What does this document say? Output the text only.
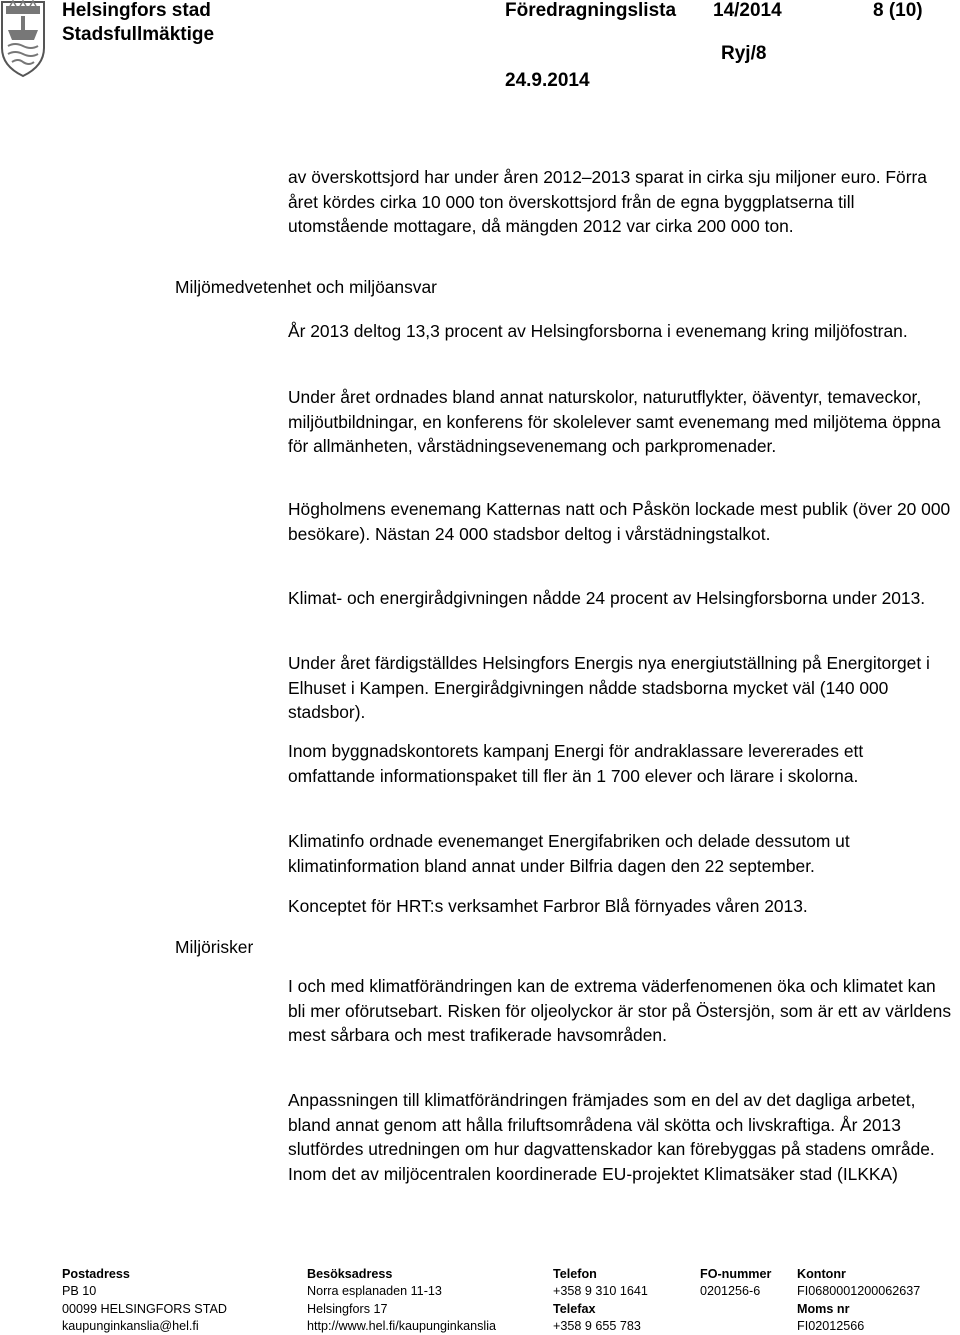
Helsingfors stad
Stadsfullmäktige
Föredragningslista 14/2014	8 (10)
Ryj/8
24.9.2014
Miljömedvetenhet och miljöansvar
Miljörisker

av överskottsjord har under åren 2012–2013 sparat in cirka sju miljoner euro. Förra året kördes cirka 10 000 ton överskottsjord från de egna byggplatserna till utomstående mottagare, då mängden 2012 var cirka 200 000 ton.

År 2013 deltog 13,3 procent av Helsingforsborna i evenemang kring miljöfostran.

Under året ordnades bland annat naturskolor, naturutflykter, öäventyr, temaveckor, miljöutbildningar, en konferens för skolelever samt evenemang med miljötema öppna för allmänheten, vårstädningsevenemang och parkpromenader.

Högholmens evenemang Katternas natt och Påskön lockade mest publik (över 20 000 besökare). Nästan 24 000 stadsbor deltog i vårstädningstalkot.

Klimat- och energirådgivningen nådde 24 procent av Helsingforsborna under 2013.

Under året färdigställdes Helsingfors Energis nya energiutställning på Energitorget i Elhuset i Kampen. Energirådgivningen nådde stadsborna mycket väl (140 000 stadsbor).

Inom byggnadskontorets kampanj Energi för andraklassare levererades ett omfattande informationspaket till fler än 1 700 elever och lärare i skolorna.

Klimatinfo ordnade evenemanget Energifabriken och delade dessutom ut klimatinformation bland annat under Bilfria dagen den 22 september.

Konceptet för HRT:s verksamhet Farbror Blå förnyades våren 2013.

I och med klimatförändringen kan de extrema väderfenomenen öka och klimatet kan bli mer oförutsebart. Risken för oljeolyckor är stor på Östersjön, som är ett av världens mest sårbara och mest trafikerade havsområden.

Anpassningen till klimatförändringen främjades som en del av det dagliga arbetet, bland annat genom att hålla friluftsområdena väl skötta och livskraftiga. År 2013 slutfördes utredningen om hur dagvattenskador kan förebyggas på stadens område. Inom det av miljöcentralen koordinerade EU-projektet Klimatsäker stad (ILKKA)

Postadress
PB 10
00099 HELSINGFORS STAD
kaupunginkanslia@hel.fi
Besöksadress
Norra esplanaden 11-13
Helsingfors 17
http://www.hel.fi/kaupunginkanslia
Telefon
+358 9 310 1641
Telefax
+358 9 655 783
FO-nummer
0201256-6
Kontonr
FI0680001200062637
Moms nr
FI02012566
